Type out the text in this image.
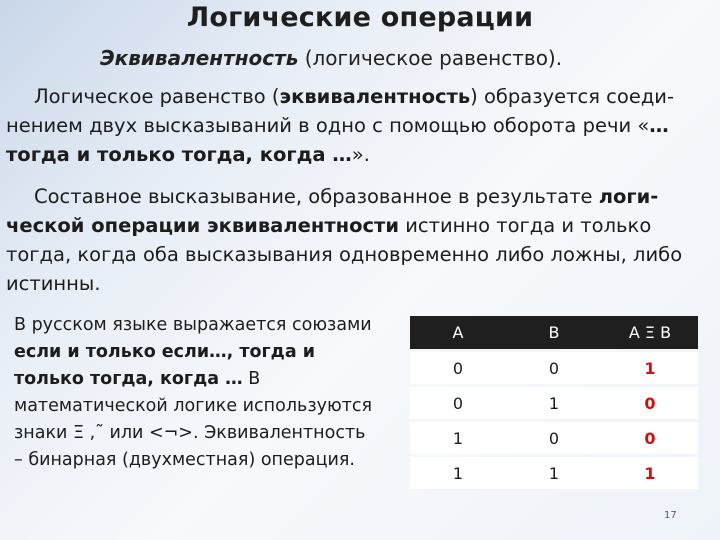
Логические операции
Эквивалентность (логическое равенство).

Логическое равенство (эквивалентность) образуется соеди-нением двух высказываний в одно с помощью оборота речи «… тогда и только тогда, когда …».

Составное высказывание, образованное в результате логи-ческой операции эквивалентности истинно тогда и только тогда, когда оба высказывания одновременно либо ложны, либо истинны.

В русском языке выражается союзами если и только если…, тогда и только тогда, когда … В математической логике используются знаки Ξ ,˜ или <¬>. Эквивалентность – бинарная (двухместная) операция.

A	B	A Ξ B
0	0	1
0	1	0
1	0	0
1	1	1
17
